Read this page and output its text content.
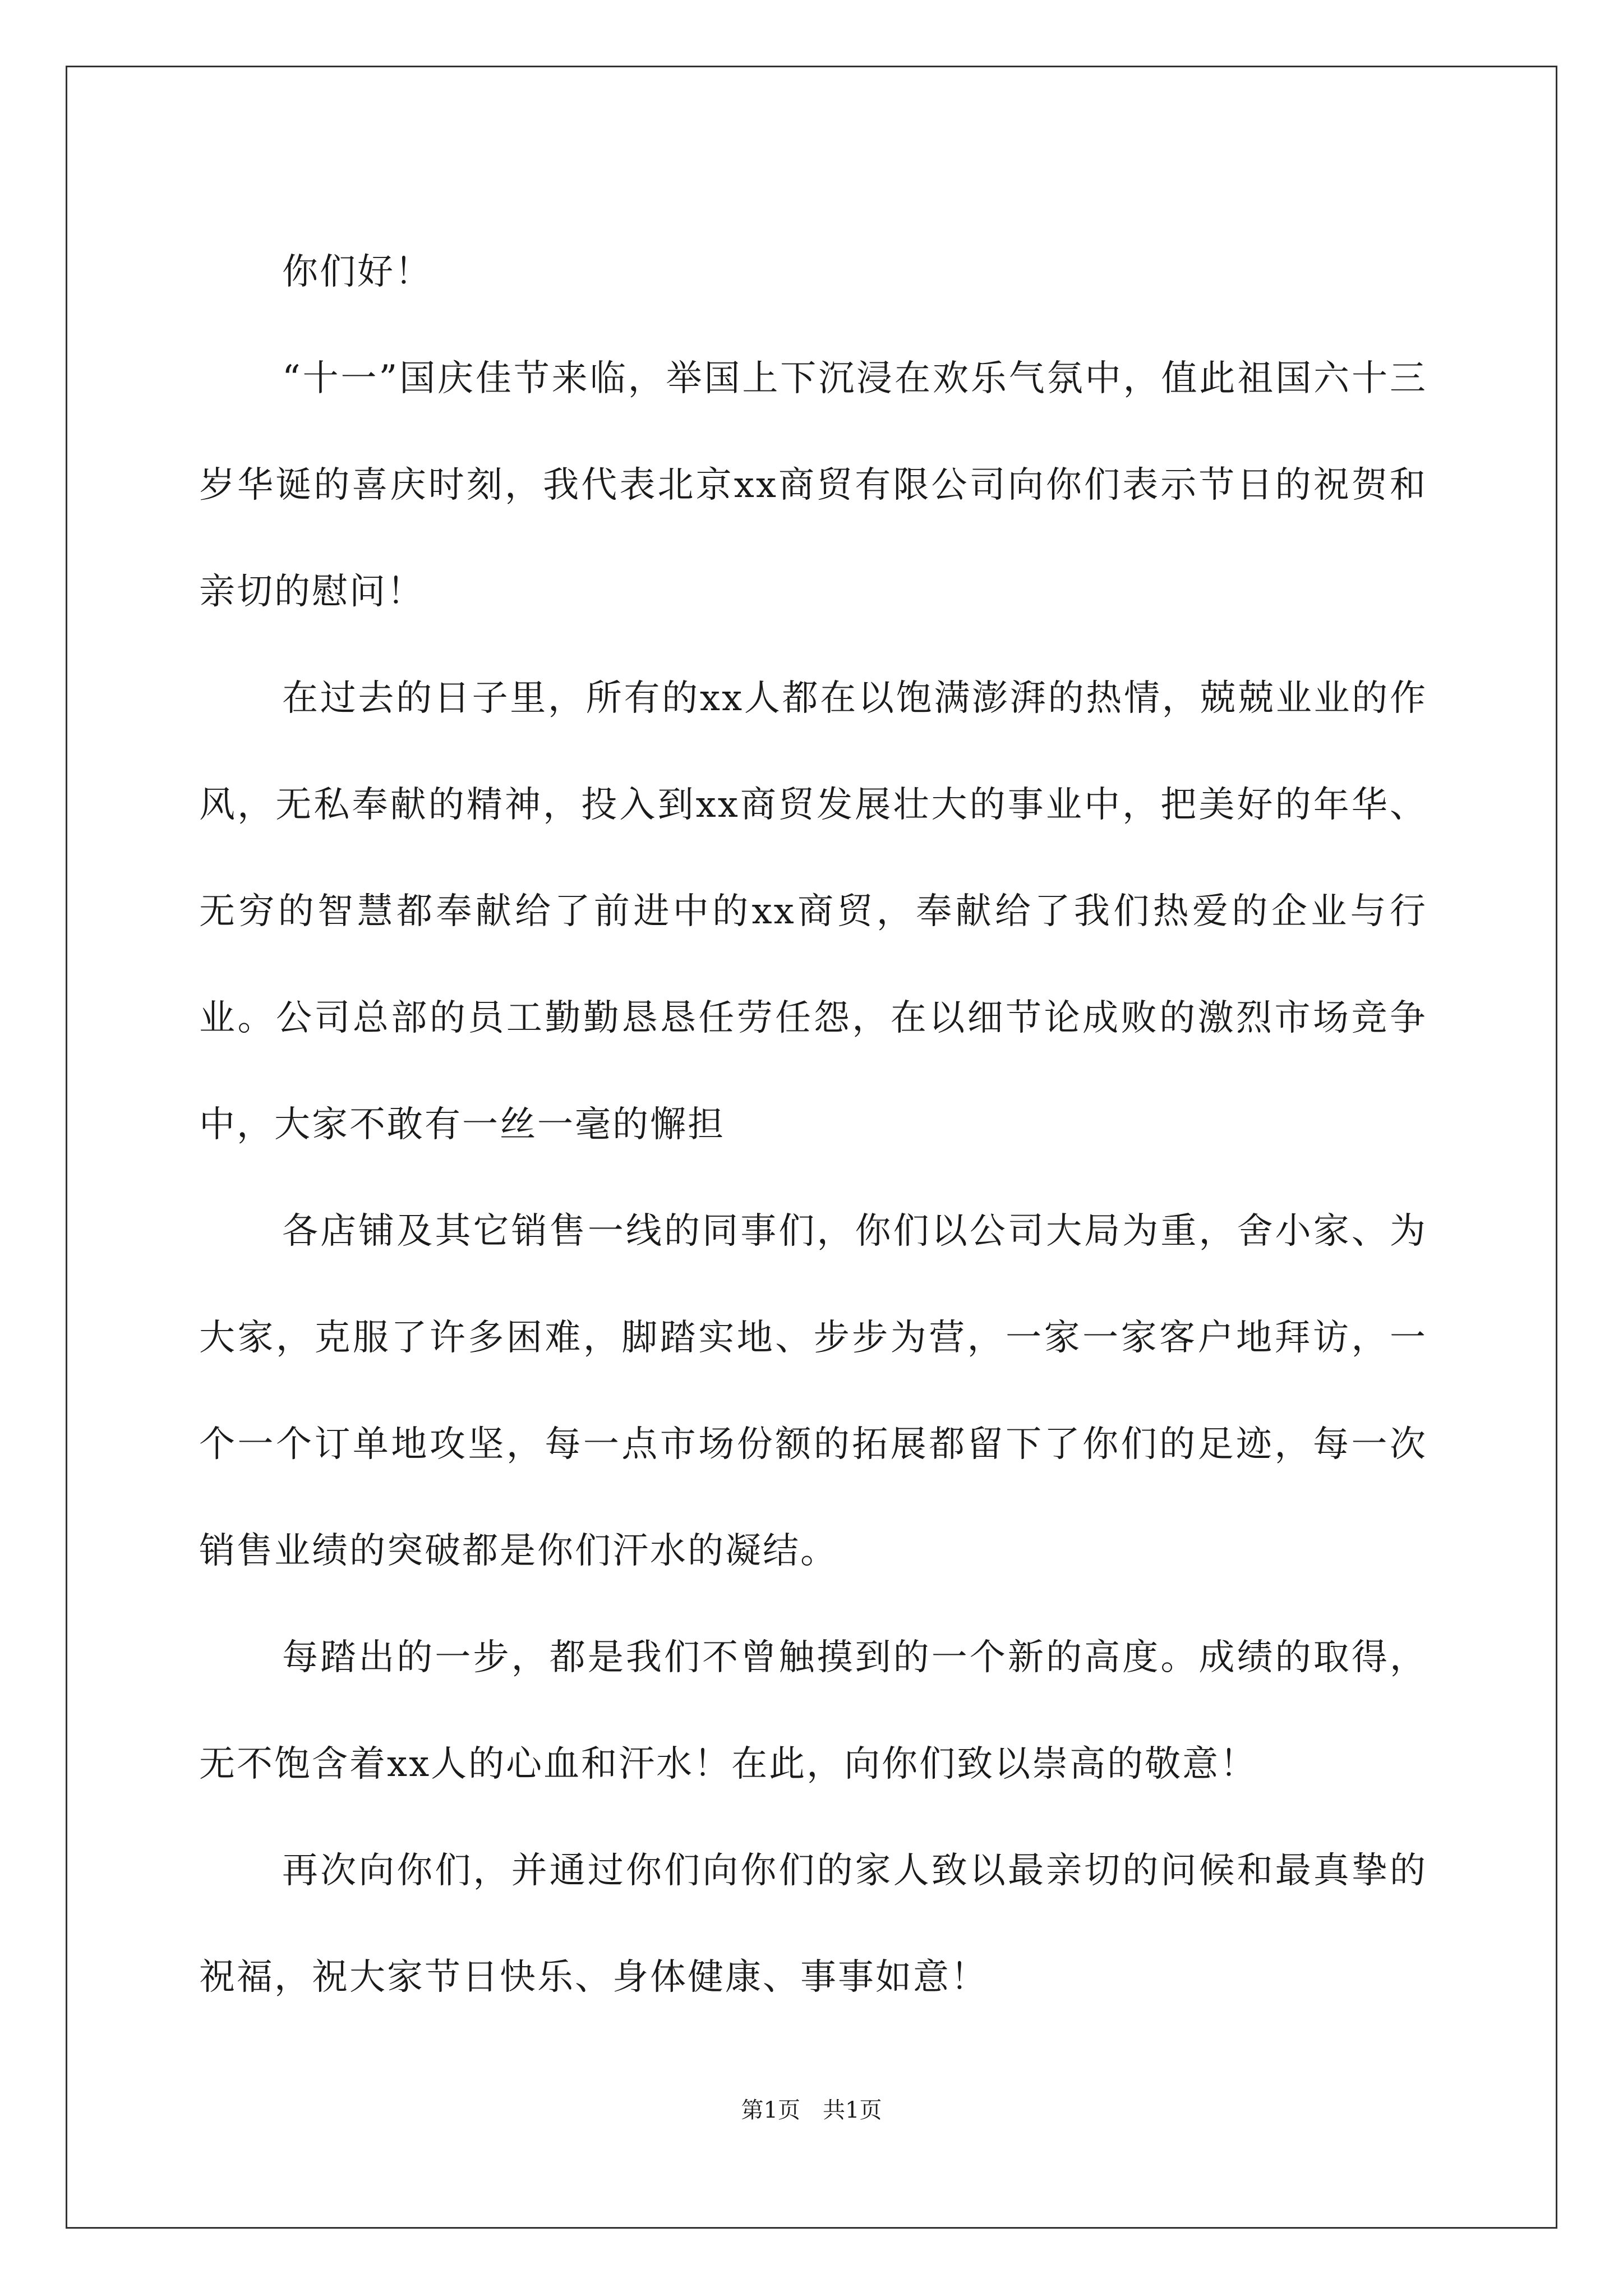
你们好！

“十一”国庆佳节来临，举国上下沉浸在欢乐气氛中，值此祖国六十三岁华诞的喜庆时刻，我代表北京xx商贸有限公司向你们表示节日的祝贺和亲切的慰问！

在过去的日子里，所有的xx人都在以饱满澎湃的热情，兢兢业业的作风，无私奉献的精神，投入到xx商贸发展壮大的事业中，把美好的年华、无穷的智慧都奉献给了前进中的xx商贸，奉献给了我们热爱的企业与行业。公司总部的员工勤勤恳恳任劳任怨，在以细节论成败的激烈市场竞争中，大家不敢有一丝一毫的懈担

各店铺及其它销售一线的同事们，你们以公司大局为重，舍小家、为大家，克服了许多困难，脚踏实地、步步为营，一家一家客户地拜访，一个一个订单地攻坚，每一点市场份额的拓展都留下了你们的足迹，每一次销售业绩的突破都是你们汗水的凝结。

每踏出的一步，都是我们不曾触摸到的一个新的高度。成绩的取得，无不饱含着xx人的心血和汗水！在此，向你们致以崇高的敬意！

再次向你们，并通过你们向你们的家人致以最亲切的问候和最真挚的祝福，祝大家节日快乐、身体健康、事事如意！

第1页　共1页
